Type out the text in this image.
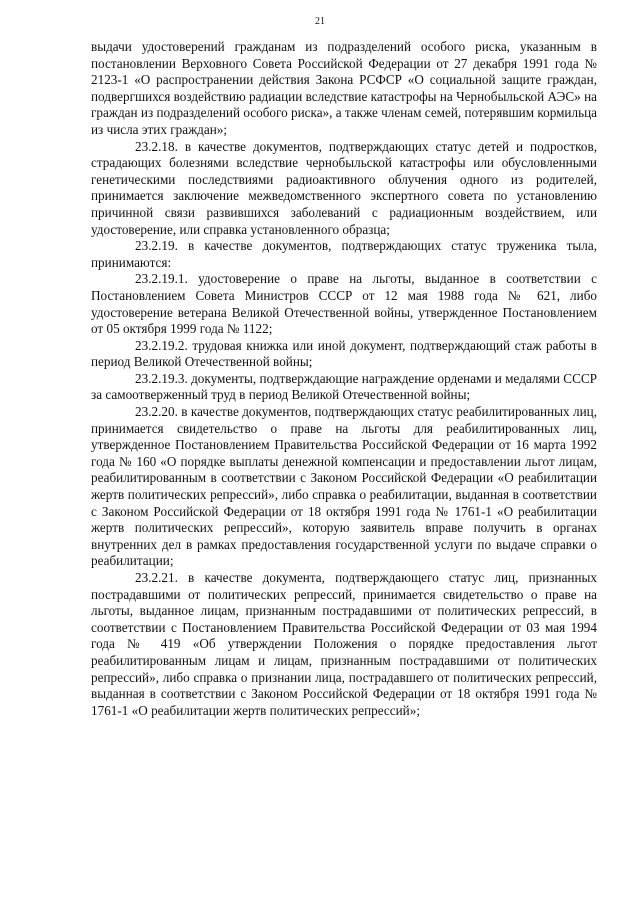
21

выдачи удостоверений гражданам из подразделений особого риска, указанным в постановлении Верховного Совета Российской Федерации от 27 декабря 1991 года № 2123-1 «О распространении действия Закона РСФСР «О социальной защите граждан, подвергшихся воздействию радиации вследствие катастрофы на Чернобыльской АЭС» на граждан из подразделений особого риска», а также членам семей, потерявшим кормильца из числа этих граждан»;

23.2.18. в качестве документов, подтверждающих статус детей и подростков, страдающих болезнями вследствие чернобыльской катастрофы или обусловленными генетическими последствиями радиоактивного облучения одного из родителей, принимается заключение межведомственного экспертного совета по установлению причинной связи развившихся заболеваний с радиационным воздействием, или удостоверение, или справка установленного образца;

23.2.19. в качестве документов, подтверждающих статус труженика тыла, принимаются:

23.2.19.1. удостоверение о праве на льготы, выданное в соответствии с Постановлением Совета Министров СССР от 12 мая 1988 года № 621, либо удостоверение ветерана Великой Отечественной войны, утвержденное Постановлением от 05 октября 1999 года № 1122;

23.2.19.2. трудовая книжка или иной документ, подтверждающий стаж работы в период Великой Отечественной войны;

23.2.19.3. документы, подтверждающие награждение орденами и медалями СССР за самоотверженный труд в период Великой Отечественной войны;

23.2.20. в качестве документов, подтверждающих статус реабилитированных лиц, принимается свидетельство о праве на льготы для реабилитированных лиц, утвержденное Постановлением Правительства Российской Федерации от 16 марта 1992 года № 160 «О порядке выплаты денежной компенсации и предоставлении льгот лицам, реабилитированным в соответствии с Законом Российской Федерации «О реабилитации жертв политических репрессий», либо справка о реабилитации, выданная в соответствии с Законом Российской Федерации от 18 октября 1991 года № 1761-1 «О реабилитации жертв политических репрессий», которую заявитель вправе получить в органах внутренних дел в рамках предоставления государственной услуги по выдаче справки о реабилитации;

23.2.21. в качестве документа, подтверждающего статус лиц, признанных пострадавшими от политических репрессий, принимается свидетельство о праве на льготы, выданное лицам, признанным пострадавшими от политических репрессий, в соответствии с Постановлением Правительства Российской Федерации от 03 мая 1994 года № 419 «Об утверждении Положения о порядке предоставления льгот реабилитированным лицам и лицам, признанным пострадавшими от политических репрессий», либо справка о признании лица, пострадавшего от политических репрессий, выданная в соответствии с Законом Российской Федерации от 18 октября 1991 года № 1761-1 «О реабилитации жертв политических репрессий»;
